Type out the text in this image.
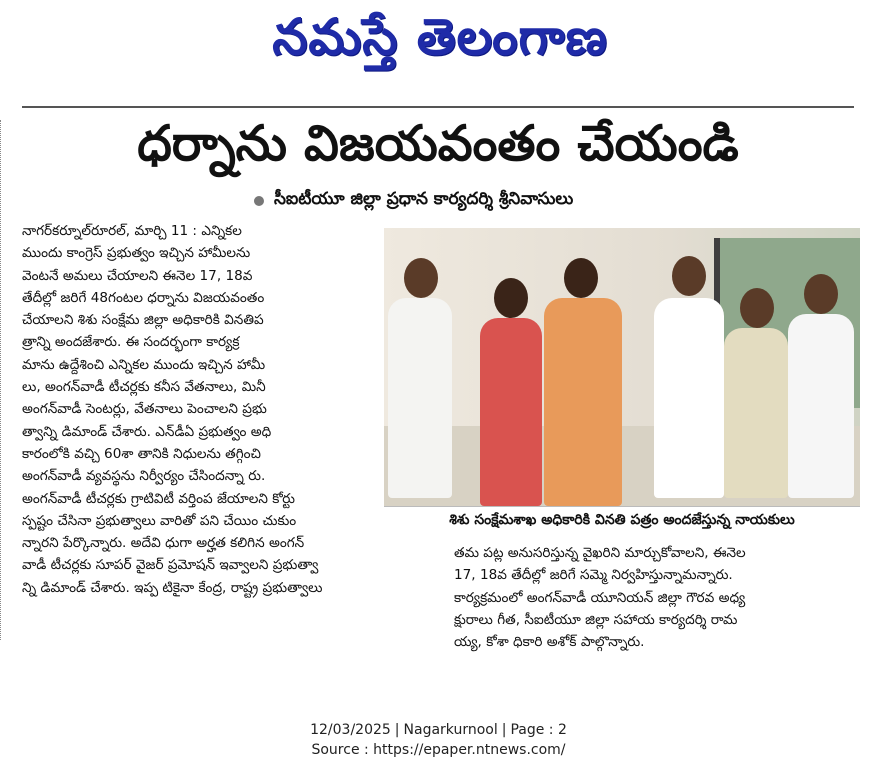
నమస్తే తెలంగాణ
ధర్నాను విజయవంతం చేయండి
సీఐటీయూ జిల్లా ప్రధాన కార్యదర్శి శ్రీనివాసులు
నాగర్‌కర్నూల్‌రూరల్, మార్చి 11 : ఎన్నికల
ముందు కాంగ్రెస్ ప్రభుత్వం ఇచ్చిన హామీలను
వెంటనే అమలు చేయాలని ఈనెల 17, 18వ
తేదీల్లో జరిగే 48గంటల ధర్నాను విజయవంతం
చేయాలని శిశు సంక్షేమ జిల్లా అధికారికి వినతిప
త్రాన్ని అందజేశారు. ఈ సందర్భంగా కార్యక్ర
మాను ఉద్దేశించి ఎన్నికల ముందు ఇచ్చిన హామీ
లు, అంగన్‌వాడీ టీచర్లకు కనీస వేతనాలు, మినీ
అంగన్‌వాడీ సెంటర్లు, వేతనాలు పెంచాలని ప్రభు
త్వాన్ని డిమాండ్ చేశారు. ఎన్‌డీఏ ప్రభుత్వం అధి
కారంలోకి వచ్చి 60శా తానికి నిధులను తగ్గించి
అంగన్‌వాడీ వ్యవస్థను నిర్వీర్యం చేసిందన్నా రు.
అంగన్‌వాడీ టీచర్లకు గ్రాటివిటీ వర్తింప జేయాలని కోర్టు
స్పష్టం చేసినా ప్రభుత్వాలు వారితో పని చేయిం చుకుం
న్నారని పేర్కొన్నారు. అదేవి ధుగా అర్హత కలిగిన అంగన్
వాడీ టీచర్లకు సూపర్ వైజర్ ప్రమోషన్ ఇవ్వాలని ప్రభుత్వా
న్ని డిమాండ్ చేశారు. ఇప్ప టికైనా కేంద్ర, రాష్ట్ర ప్రభుత్వాలు
శిశు సంక్షేమశాఖ అధికారికి వినతి పత్రం అందజేస్తున్న నాయకులు
తమ పట్ల అనుసరిస్తున్న వైఖరిని మార్చుకోవాలని, ఈనెల
17, 18వ తేదీల్లో జరిగే సమ్మె నిర్వహిస్తున్నామన్నారు.
కార్యక్రమంలో అంగన్‌వాడీ యూనియన్ జిల్లా గౌరవ అధ్య
క్షురాలు గీత, సీఐటీయూ జిల్లా సహాయ కార్యదర్శి రామ
య్య, కోశా ధికారి అశోక్ పాల్గొన్నారు.
12/03/2025 | Nagarkurnool | Page : 2
Source : https://epaper.ntnews.com/
